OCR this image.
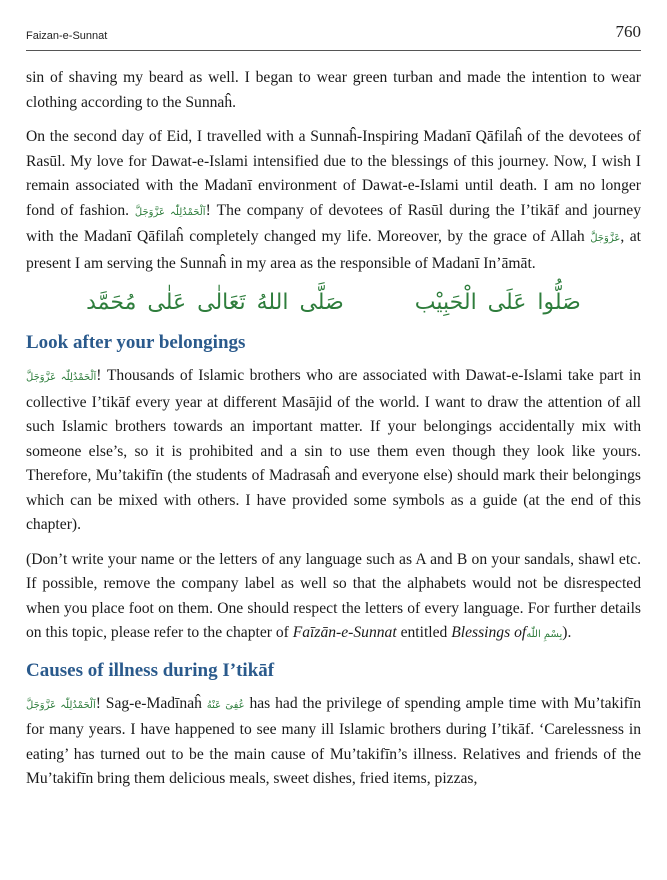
Faizan-e-Sunnat	760

sin of shaving my beard as well. I began to wear green turban and made the intention to wear clothing according to the Sunnaĥ.

On the second day of Eid, I travelled with a Sunnaĥ-Inspiring Madanī Qāfilaĥ of the devotees of Rasūl. My love for Dawat-e-Islami intensified due to the blessings of this journey. Now, I wish I remain associated with the Madanī environment of Dawat-e-Islami until death. I am no longer fond of fashion. اَلْحَمْدُلِلّٰہ عَزَّوَجَلَّ! The company of devotees of Rasūl during the I’tikāf and journey with the Madanī Qāfilaĥ completely changed my life. Moreover, by the grace of Allah عَزَّوَجَلَّ, at present I am serving the Sunnaĥ in my area as the responsible of Madanī In’āmāt.

صَلَّى اللهُ تَعَالٰی عَلٰی مُحَمَّد	صَلُّوا عَلَى الْحَبِيْب
Look after your belongings

اَلْحَمْدُلِلّٰہ عَزَّوَجَلَّ! Thousands of Islamic brothers who are associated with Dawat-e-Islami take part in collective I’tikāf every year at different Masājid of the world. I want to draw the attention of all such Islamic brothers towards an important matter. If your belongings accidentally mix with someone else’s, so it is prohibited and a sin to use them even though they look like yours. Therefore, Mu’takifīn (the students of Madrasaĥ and everyone else) should mark their belongings which can be mixed with others. I have provided some symbols as a guide (at the end of this chapter).

(Don’t write your name or the letters of any language such as A and B on your sandals, shawl etc. If possible, remove the company label as well so that the alphabets would not be disrespected when you place foot on them. One should respect the letters of every language. For further details on this topic, please refer to the chapter of Faīzān-e-Sunnat entitled Blessings ofبِسْمِ اللّٰه).

Causes of illness during I’tikāf

اَلْحَمْدُلِلّٰہ عَزَّوَجَلَّ! Sag-e-Madīnaĥ عُفِیَ عَنْهُ has had the privilege of spending ample time with Mu’takifīn for many years. I have happened to see many ill Islamic brothers during I’tikāf. ‘Carelessness in eating’ has turned out to be the main cause of Mu’takifīn’s illness. Relatives and friends of the Mu’takifīn bring them delicious meals, sweet dishes, fried items, pizzas,
